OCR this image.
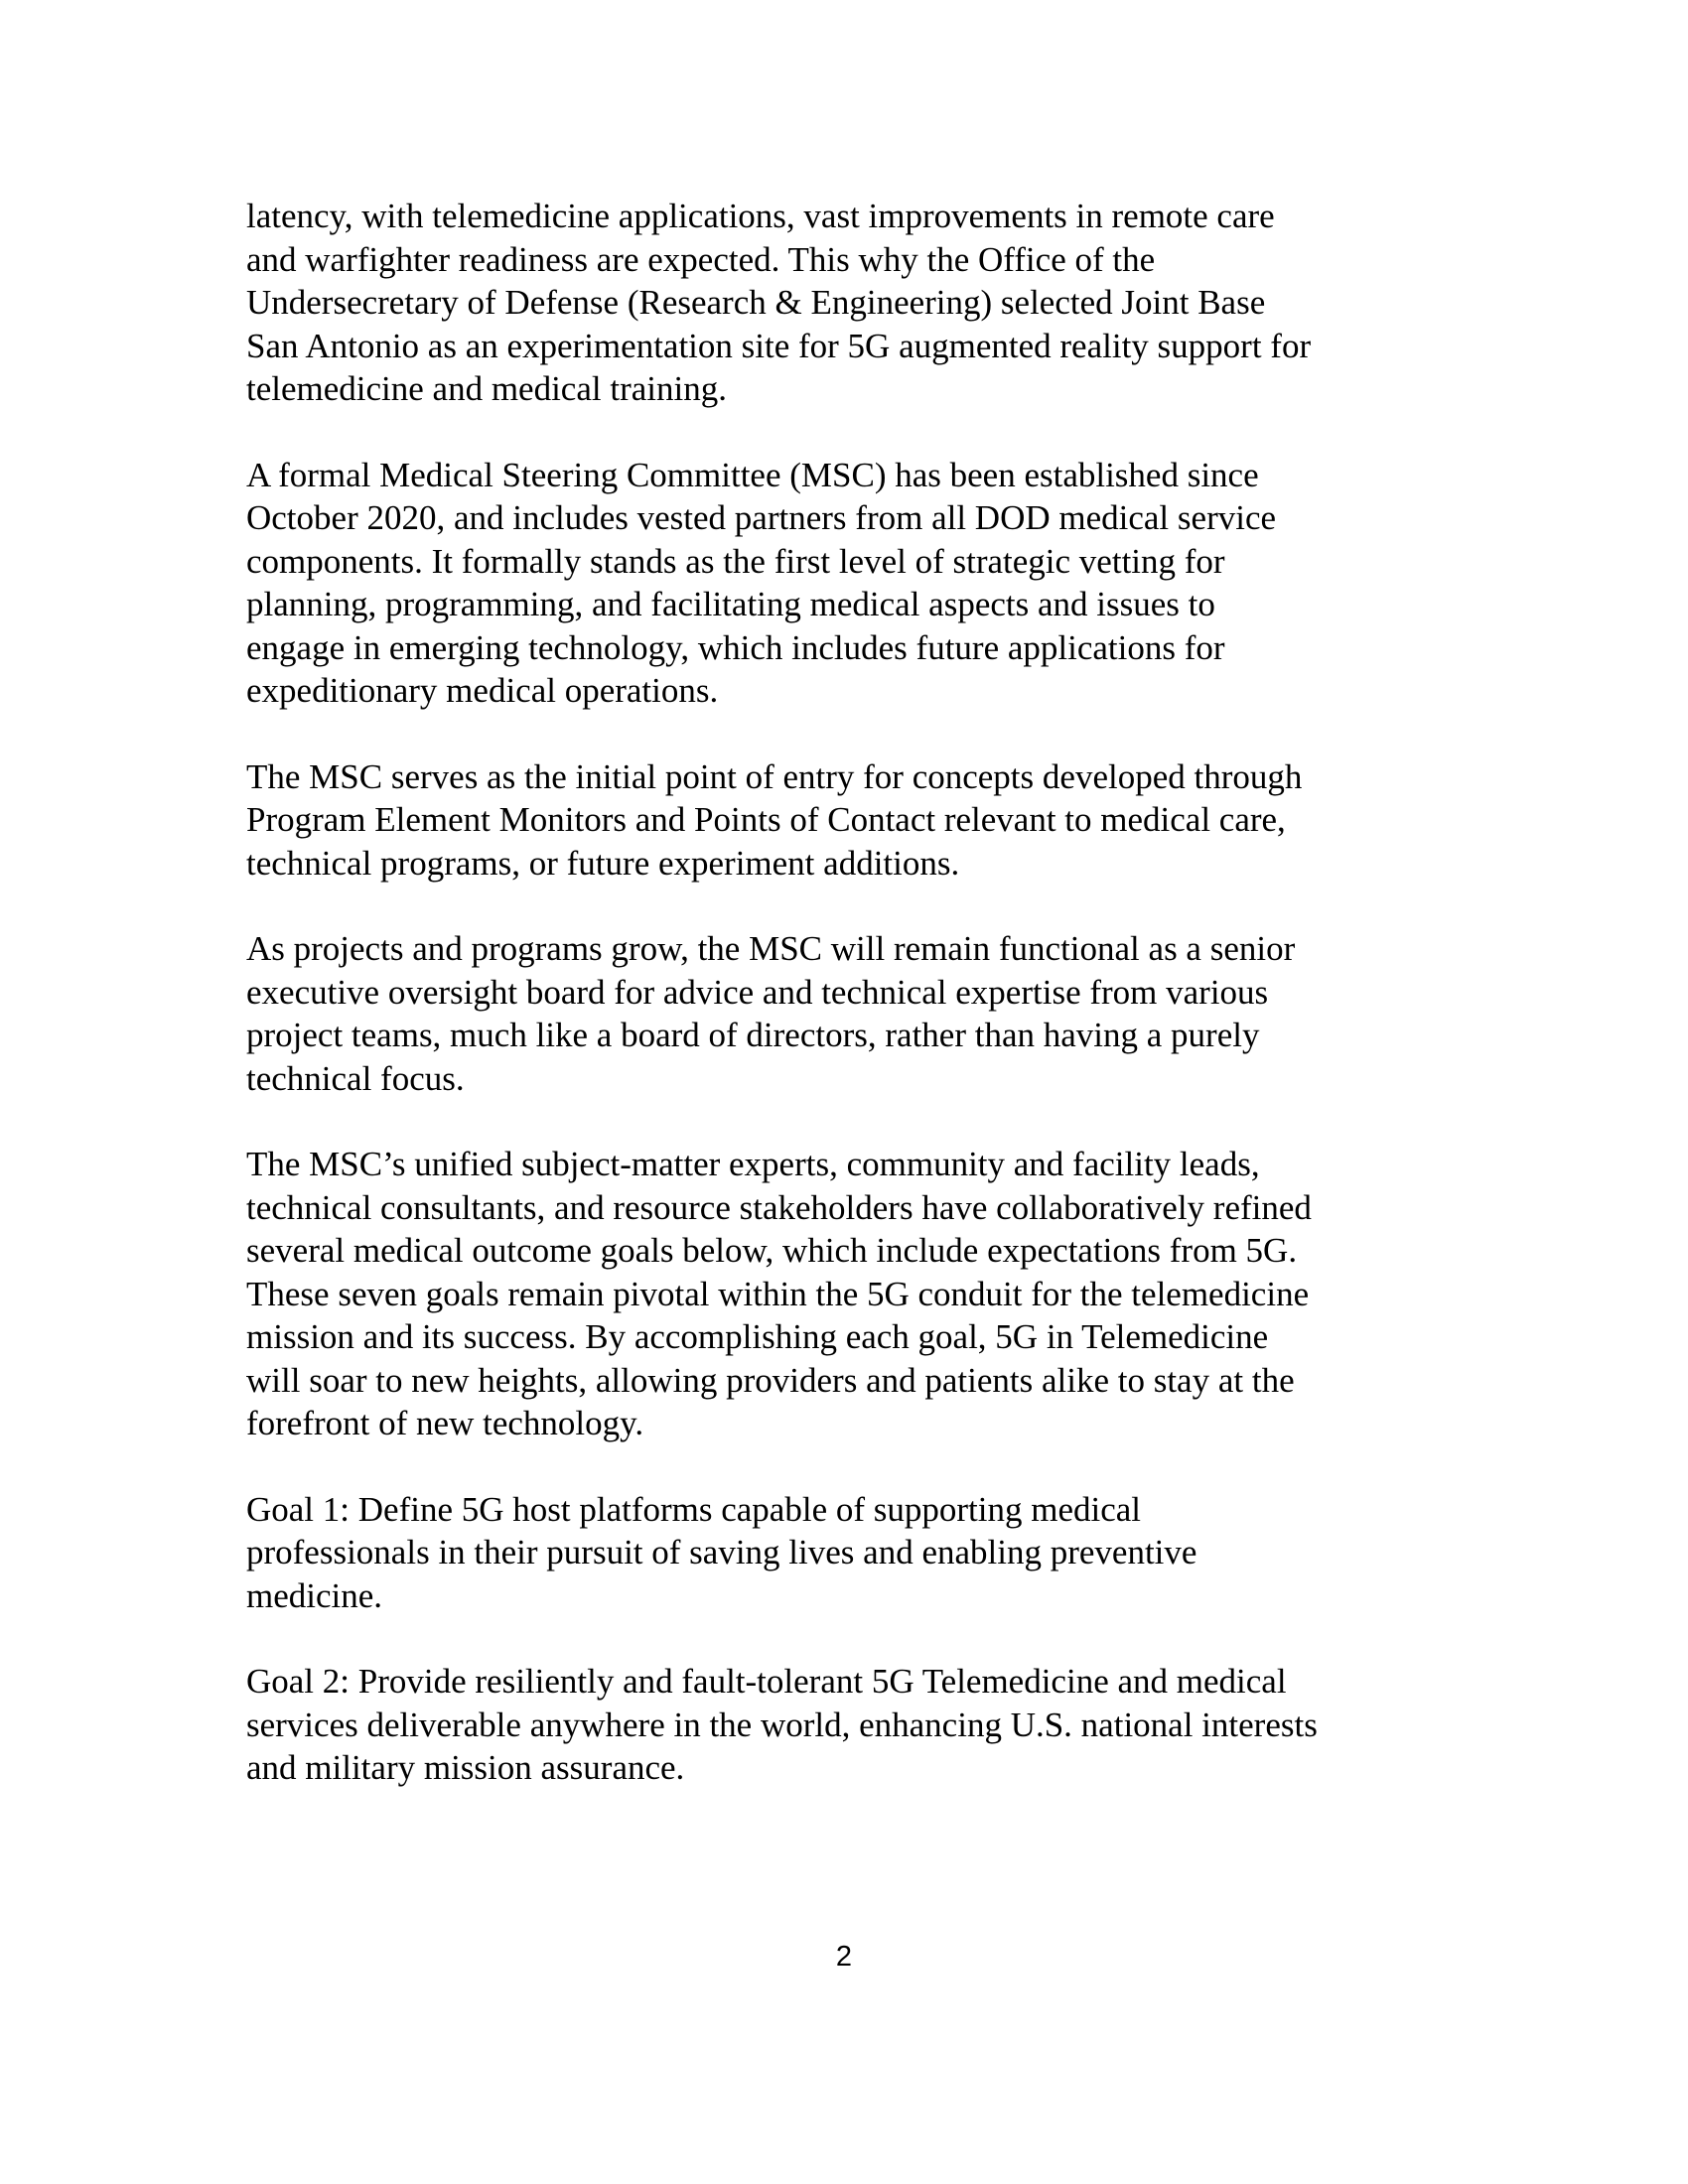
latency, with telemedicine applications, vast improvements in remote care
and warfighter readiness are expected. This why the Office of the
Undersecretary of Defense (Research & Engineering) selected Joint Base
San Antonio as an experimentation site for 5G augmented reality support for
telemedicine and medical training.

A formal Medical Steering Committee (MSC) has been established since
October 2020, and includes vested partners from all DOD medical service
components. It formally stands as the first level of strategic vetting for
planning, programming, and facilitating medical aspects and issues to
engage in emerging technology, which includes future applications for
expeditionary medical operations.

The MSC serves as the initial point of entry for concepts developed through
Program Element Monitors and Points of Contact relevant to medical care,
technical programs, or future experiment additions.

As projects and programs grow, the MSC will remain functional as a senior
executive oversight board for advice and technical expertise from various
project teams, much like a board of directors, rather than having a purely
technical focus.

The MSC’s unified subject-matter experts, community and facility leads,
technical consultants, and resource stakeholders have collaboratively refined
several medical outcome goals below, which include expectations from 5G.
These seven goals remain pivotal within the 5G conduit for the telemedicine
mission and its success. By accomplishing each goal, 5G in Telemedicine
will soar to new heights, allowing providers and patients alike to stay at the
forefront of new technology.

Goal 1: Define 5G host platforms capable of supporting medical
professionals in their pursuit of saving lives and enabling preventive
medicine.

Goal 2: Provide resiliently and fault-tolerant 5G Telemedicine and medical
services deliverable anywhere in the world, enhancing U.S. national interests
and military mission assurance.

2
